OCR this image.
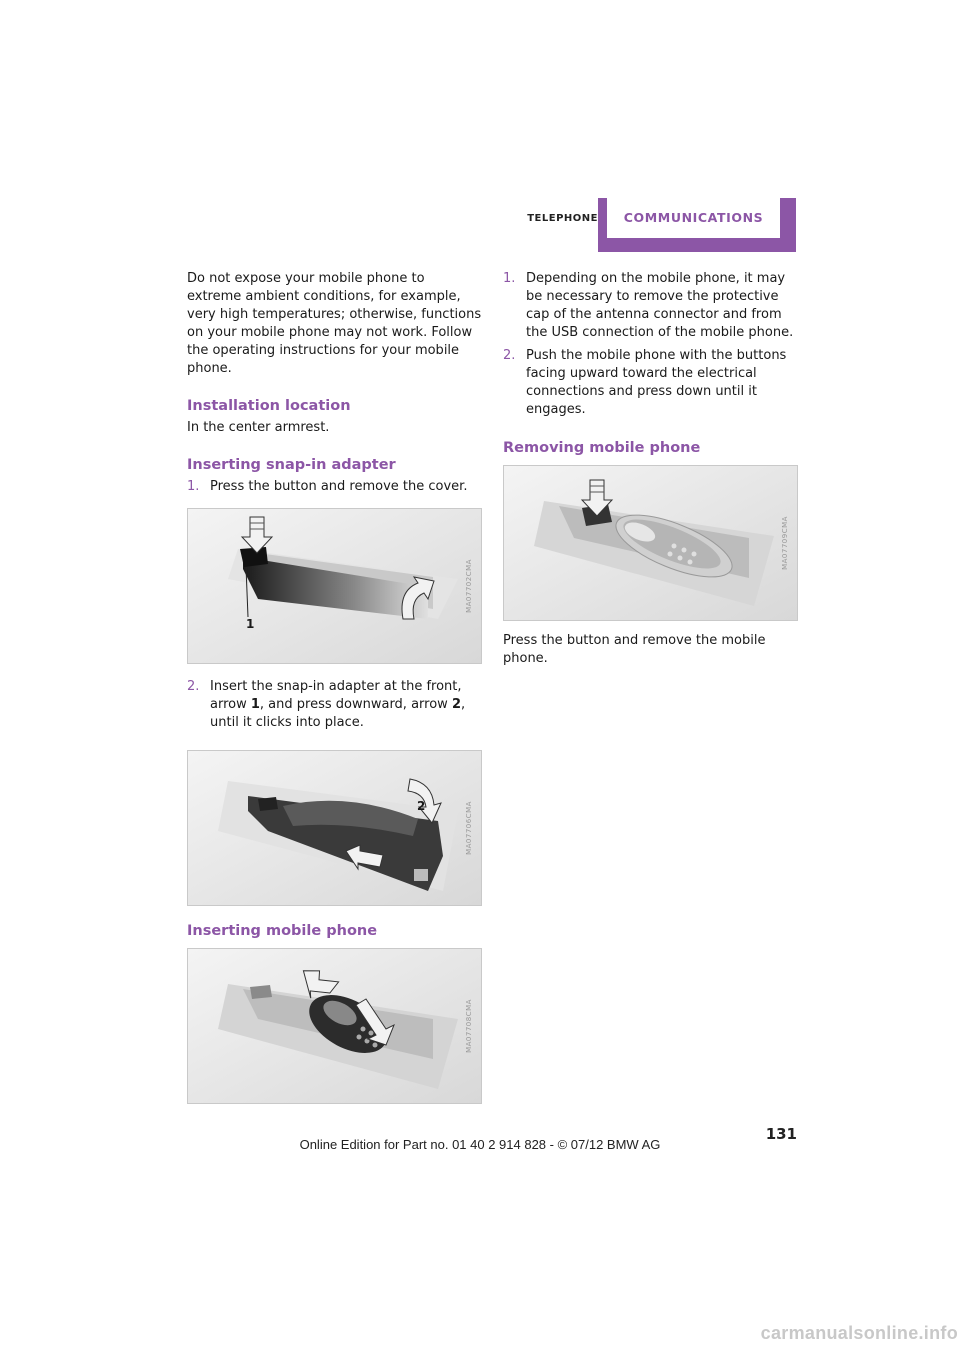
TELEPHONE	COMMUNICATIONS

Do not expose your mobile phone to extreme ambient conditions, for example, very high temperatures; otherwise, functions on your mobile phone may not work. Follow the operating instructions for your mobile phone.

Installation location

In the center armrest.

Inserting snap-in adapter
1. Press the button and remove the cover.
1
MA07702CMA
2. Insert the snap-in adapter at the front, arrow 1, and press downward, arrow 2, until it clicks into place.
2	MA07706CMA
Inserting mobile phone
MA07708CMA
1. Depending on the mobile phone, it may be necessary to remove the protective cap of the antenna connector and from the USB connection of the mobile phone.
2. Push the mobile phone with the buttons facing upward toward the electrical connections and press down until it engages.
Removing mobile phone
MA07709CMA

Press the button and remove the mobile phone.

131
Online Edition for Part no. 01 40 2 914 828 - © 07/12 BMW AG
carmanualsonline.info
